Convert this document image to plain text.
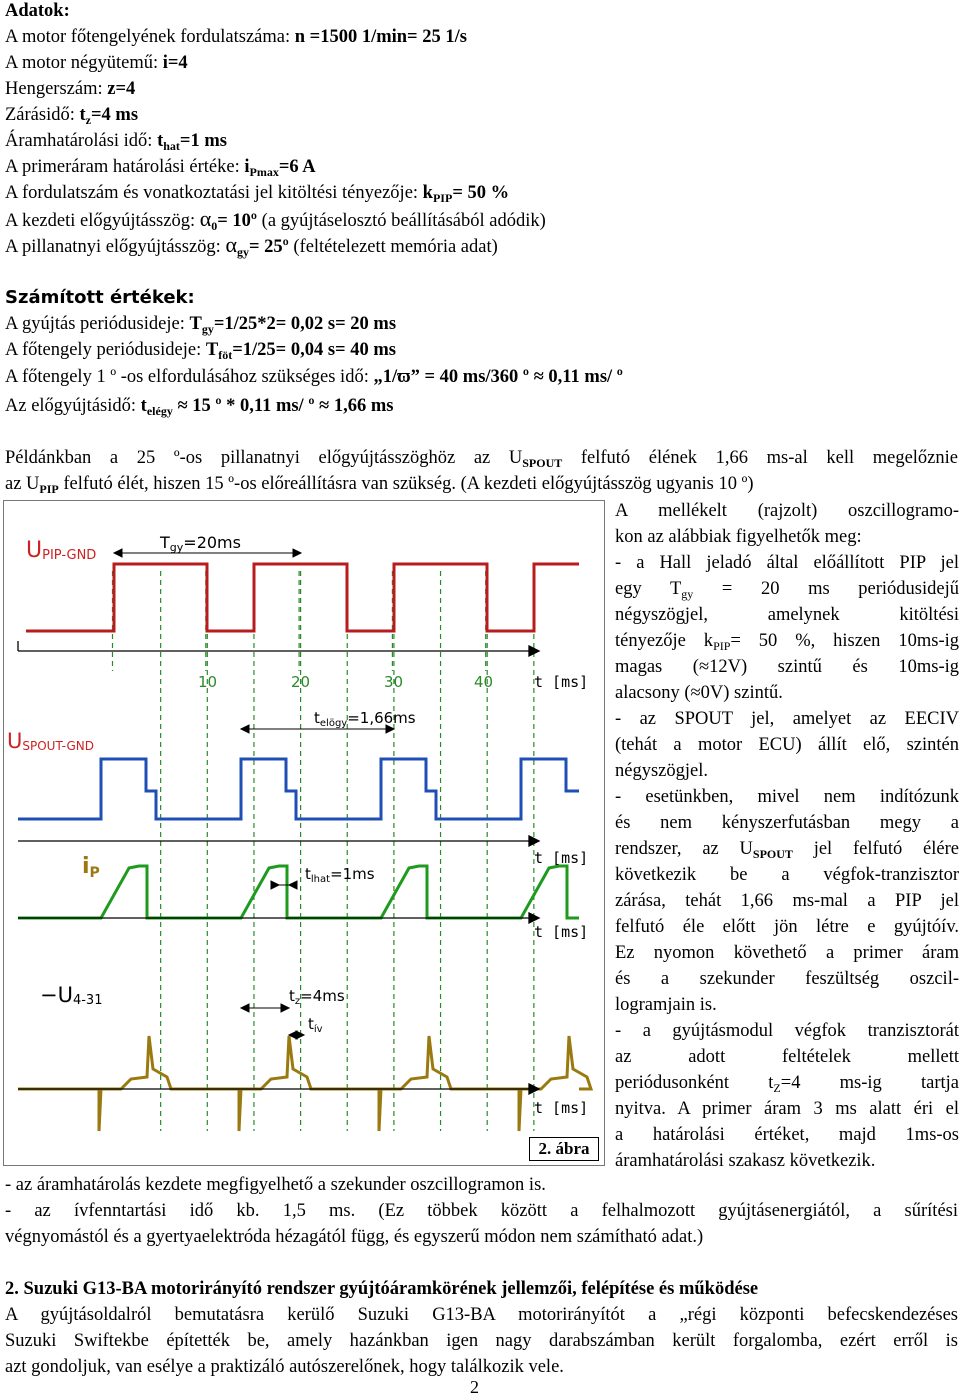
Adatok:
A motor főtengelyének fordulatszáma: n =1500 1/min= 25 1/s
A motor négyütemű: i=4
Hengerszám: z=4
Zárásidő: $t_z=4$ ms
Áramhatárolási idő: $t_{hat}=1$ ms
A primeráram határolási értéke: $i_{Pmax}=6$ A
A fordulatszám és vonatkoztatási jel kitöltési tényezője: $k_{PIP}= 50$ %
A kezdeti előgyújtásszög: $\alpha_0=$ 10º (a gyújtáselosztó beállításából adódik)
A pillanatnyi előgyújtásszög: $\alpha_{gy}=$ 25º (feltételezett memória adat)
Számított értékek:
A gyújtás periódusideje: $T_{gy}=1/25*2= 0,02$ s= 20 ms
A főtengely periódusideje: $T_{föt}=1/25= 0,04$ s= 40 ms
A főtengely 1 º -os elfordulásához szükséges idő: „1/ϖ” = 40 ms/360 º ≈ 0,11 ms/ º
Az előgyújtásidő: $t_{elégy} \approx 15$ º * 0,11 ms/ º ≈ 1,66 ms
Példánkban a 25 º-os pillanatnyi előgyújtásszöghöz az $U_{SPOUT}$ felfutó élének 1,66 ms-al kell megelőznie
az $U_{PIP}$ felfutó élét, hiszen 15 º-os előreállításra van szükség. (A kezdeti előgyújtásszög ugyanis 10 º)
UPIP-GND
Tgy=20ms
10	20	30	40	t [ms]
$t_{elögy}=1,66ms$
USPOUT-GND
t [ms]
iP	$t_{lhat}=1ms$
t [ms]
−U4-31	$t_z=4ms$
$t_{ív}$
t [ms]
2. ábra
A mellékelt (rajzolt) oszcillogramo-
kon az alábbiak figyelhetők meg:
- a Hall jeladó által előállított PIP jel
egy $T_{gy} = 20$ ms periódusidejű
négyszögjel, amelynek kitöltési
tényezője $k_{PIP}= 50$ %, hiszen 10ms-ig
magas (≈12V) szintű és 10ms-ig
alacsony (≈0V) szintű.
- az SPOUT jel, amelyet az EECIV
(tehát a motor ECU) állít elő, szintén
négyszögjel.
- esetünkben, mivel nem indítózunk
és nem kényszerfutásban megy a
rendszer, az $U_{SPOUT}$ jel felfutó élére
következik be a végfok-tranzisztor
zárása, tehát 1,66 ms-mal a PIP jel
felfutó éle előtt jön létre e gyújtóív.
Ez nyomon követhető a primer áram
és a szekunder feszültség oszcil-
logramjain is.
- a gyújtásmodul végfok tranzisztorát
az adott feltételek mellett
periódusonként $t_Z=4$ ms-ig tartja
nyitva. A primer áram 3 ms alatt éri el
a határolási értéket, majd 1ms-os
áramhatárolási szakasz következik.
- az áramhatárolás kezdete megfigyelhető a szekunder oszcillogramon is.
- az ívfenntartási idő kb. 1,5 ms. (Ez többek között a felhalmozott gyújtásenergiától, a sűrítési
végnyomástól és a gyertyaelektróda hézagától függ, és egyszerű módon nem számítható adat.)
2. Suzuki G13-BA motorirányító rendszer gyújtóáramkörének jellemzői, felépítése és működése
A gyújtásoldalról bemutatásra kerülő Suzuki G13-BA motorirányítót a „régi központi befecskendezéses
Suzuki Swiftekbe építették be, amely hazánkban igen nagy darabszámban került forgalomba, ezért erről is
azt gondoljuk, van esélye a praktizáló autószerelőnek, hogy találkozik vele.
2
